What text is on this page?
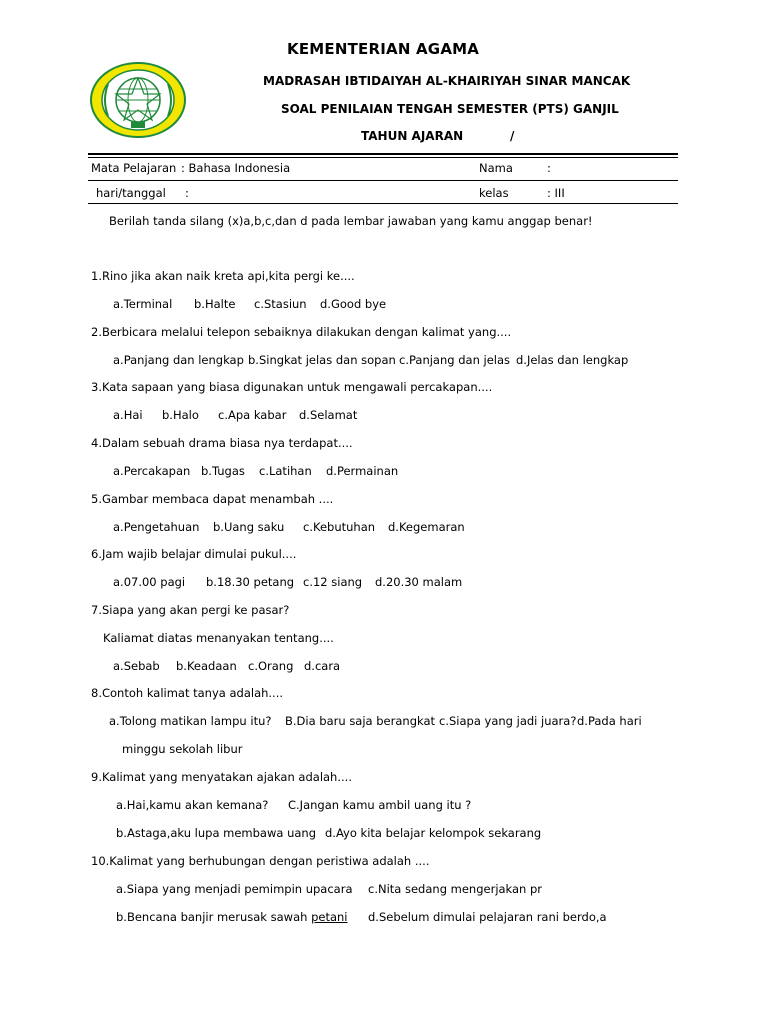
KEMENTERIAN AGAMA
MADRASAH IBTIDAIYAH AL-KHAIRIYAH SINAR MANCAK
SOAL PENILAIAN TENGAH SEMESTER (PTS) GANJIL
TAHUN AJARAN	/
Mata Pelajaran : Bahasa Indonesia	Nama	:
hari/tanggal :	kelas	: III
Berilah tanda silang (x)a,b,c,dan d pada lembar jawaban yang kamu anggap benar!
1.Rino jika akan naik kreta api,kita pergi ke....
a.Terminal b.Halte c.Stasiun d.Good bye
2.Berbicara melalui telepon sebaiknya dilakukan dengan kalimat yang....
a.Panjang dan lengkap b.Singkat jelas dan sopan c.Panjang dan jelas d.Jelas dan lengkap
3.Kata sapaan yang biasa digunakan untuk mengawali percakapan....
a.Hai b.Halo c.Apa kabar d.Selamat
4.Dalam sebuah drama biasa nya terdapat....
a.Percakapan b.Tugas c.Latihan d.Permainan
5.Gambar membaca dapat menambah ....
a.Pengetahuan b.Uang saku c.Kebutuhan d.Kegemaran
6.Jam wajib belajar dimulai pukul....
a.07.00 pagi b.18.30 petang c.12 siang d.20.30 malam
7.Siapa yang akan pergi ke pasar?
Kaliamat diatas menanyakan tentang....
a.Sebab b.Keadaan c.Orang d.cara
8.Contoh kalimat tanya adalah....
a.Tolong matikan lampu itu? B.Dia baru saja berangkat c.Siapa yang jadi juara? d.Pada hari
minggu sekolah libur
9.Kalimat yang menyatakan ajakan adalah....
a.Hai,kamu akan kemana? C.Jangan kamu ambil uang itu ?
b.Astaga,aku lupa membawa uang d.Ayo kita belajar kelompok sekarang
10.Kalimat yang berhubungan dengan peristiwa adalah ....
a.Siapa yang menjadi pemimpin upacara c.Nita sedang mengerjakan pr
b.Bencana banjir merusak sawah petani d.Sebelum dimulai pelajaran rani berdo,a
